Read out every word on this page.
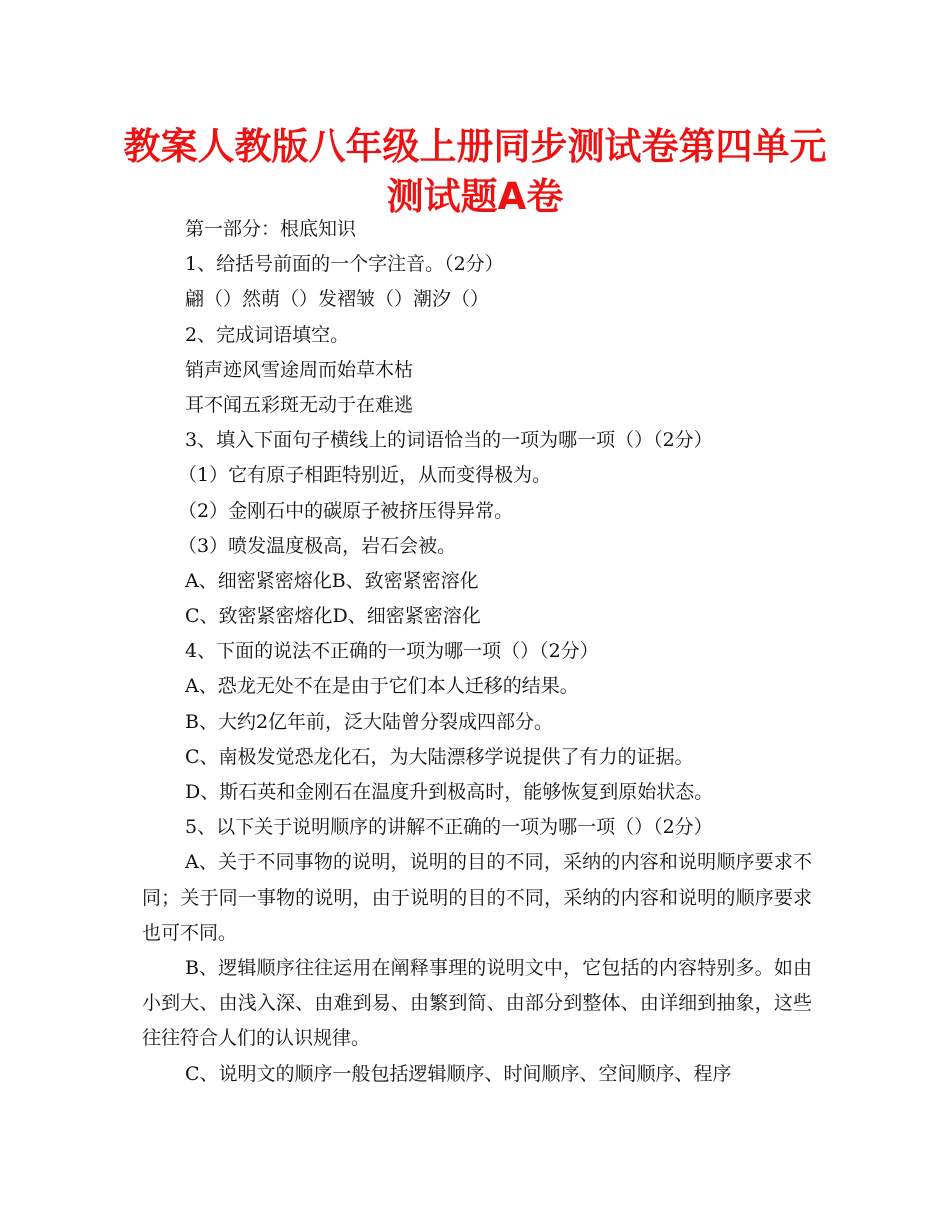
教案人教版八年级上册同步测试卷第四单元测试题A卷
第一部分：根底知识
1、给括号前面的一个字注音。（2分）
翩（）然萌（）发褶皱（）潮汐（）
2、完成词语填空。
销声迹风雪途周而始草木枯
耳不闻五彩斑无动于在难逃
3、填入下面句子横线上的词语恰当的一项为哪一项（）（2分）
（1）它有原子相距特别近，从而变得极为。
（2）金刚石中的碳原子被挤压得异常。
（3）喷发温度极高，岩石会被。
A、细密紧密熔化B、致密紧密溶化
C、致密紧密熔化D、细密紧密溶化
4、下面的说法不正确的一项为哪一项（）（2分）
A、恐龙无处不在是由于它们本人迁移的结果。
B、大约2亿年前，泛大陆曾分裂成四部分。
C、南极发觉恐龙化石，为大陆漂移学说提供了有力的证据。
D、斯石英和金刚石在温度升到极高时，能够恢复到原始状态。
5、以下关于说明顺序的讲解不正确的一项为哪一项（）（2分）

A、关于不同事物的说明，说明的目的不同，采纳的内容和说明顺序要求不同；关于同一事物的说明，由于说明的目的不同，采纳的内容和说明的顺序要求也可不同。

B、逻辑顺序往往运用在阐释事理的说明文中，它包括的内容特别多。如由小到大、由浅入深、由难到易、由繁到简、由部分到整体、由详细到抽象，这些往往符合人们的认识规律。

C、说明文的顺序一般包括逻辑顺序、时间顺序、空间顺序、程序
